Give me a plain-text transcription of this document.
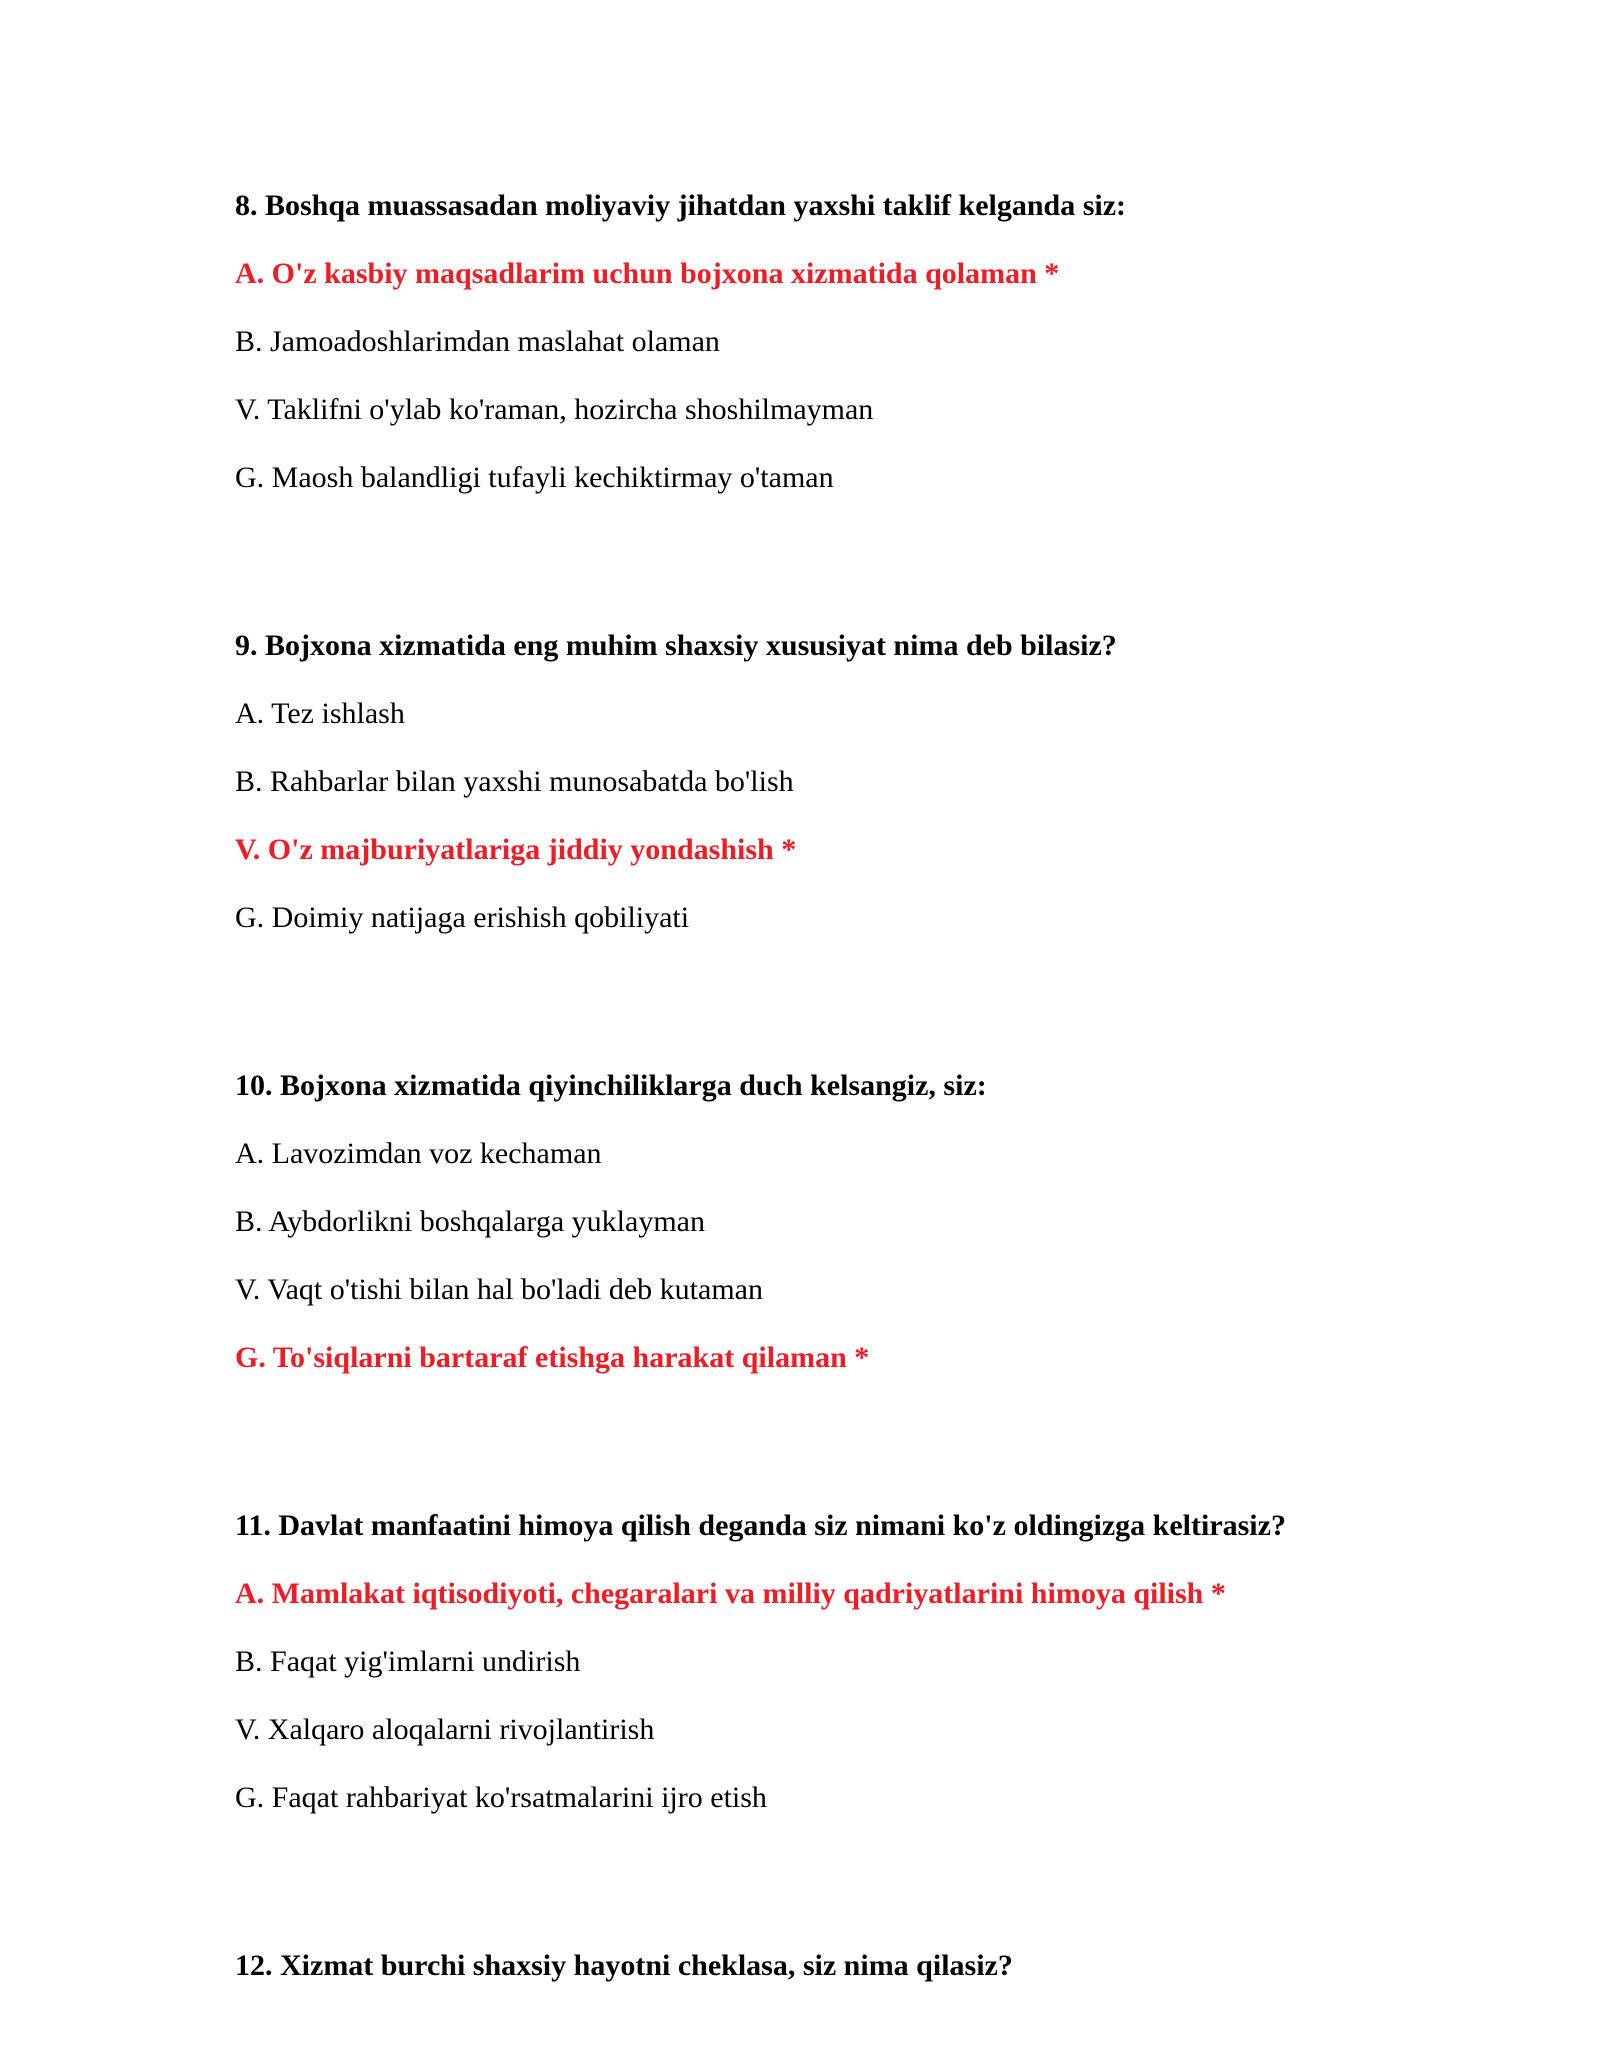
8. Boshqa muassasadan moliyaviy jihatdan yaxshi taklif kelganda siz:
A. O'z kasbiy maqsadlarim uchun bojxona xizmatida qolaman *
B. Jamoadoshlarimdan maslahat olaman
V. Taklifni o'ylab ko'raman, hozircha shoshilmayman
G. Maosh balandligi tufayli kechiktirmay o'taman
9. Bojxona xizmatida eng muhim shaxsiy xususiyat nima deb bilasiz?
A. Tez ishlash
B. Rahbarlar bilan yaxshi munosabatda bo'lish
V. O'z majburiyatlariga jiddiy yondashish *
G. Doimiy natijaga erishish qobiliyati
10. Bojxona xizmatida qiyinchiliklarga duch kelsangiz, siz:
A. Lavozimdan voz kechaman
B. Aybdorlikni boshqalarga yuklayman
V. Vaqt o'tishi bilan hal bo'ladi deb kutaman
G. To'siqlarni bartaraf etishga harakat qilaman *
11. Davlat manfaatini himoya qilish deganda siz nimani ko'z oldingizga keltirasiz?
A. Mamlakat iqtisodiyoti, chegaralari va milliy qadriyatlarini himoya qilish *
B. Faqat yig'imlarni undirish
V. Xalqaro aloqalarni rivojlantirish
G. Faqat rahbariyat ko'rsatmalarini ijro etish
12. Xizmat burchi shaxsiy hayotni cheklasa, siz nima qilasiz?
